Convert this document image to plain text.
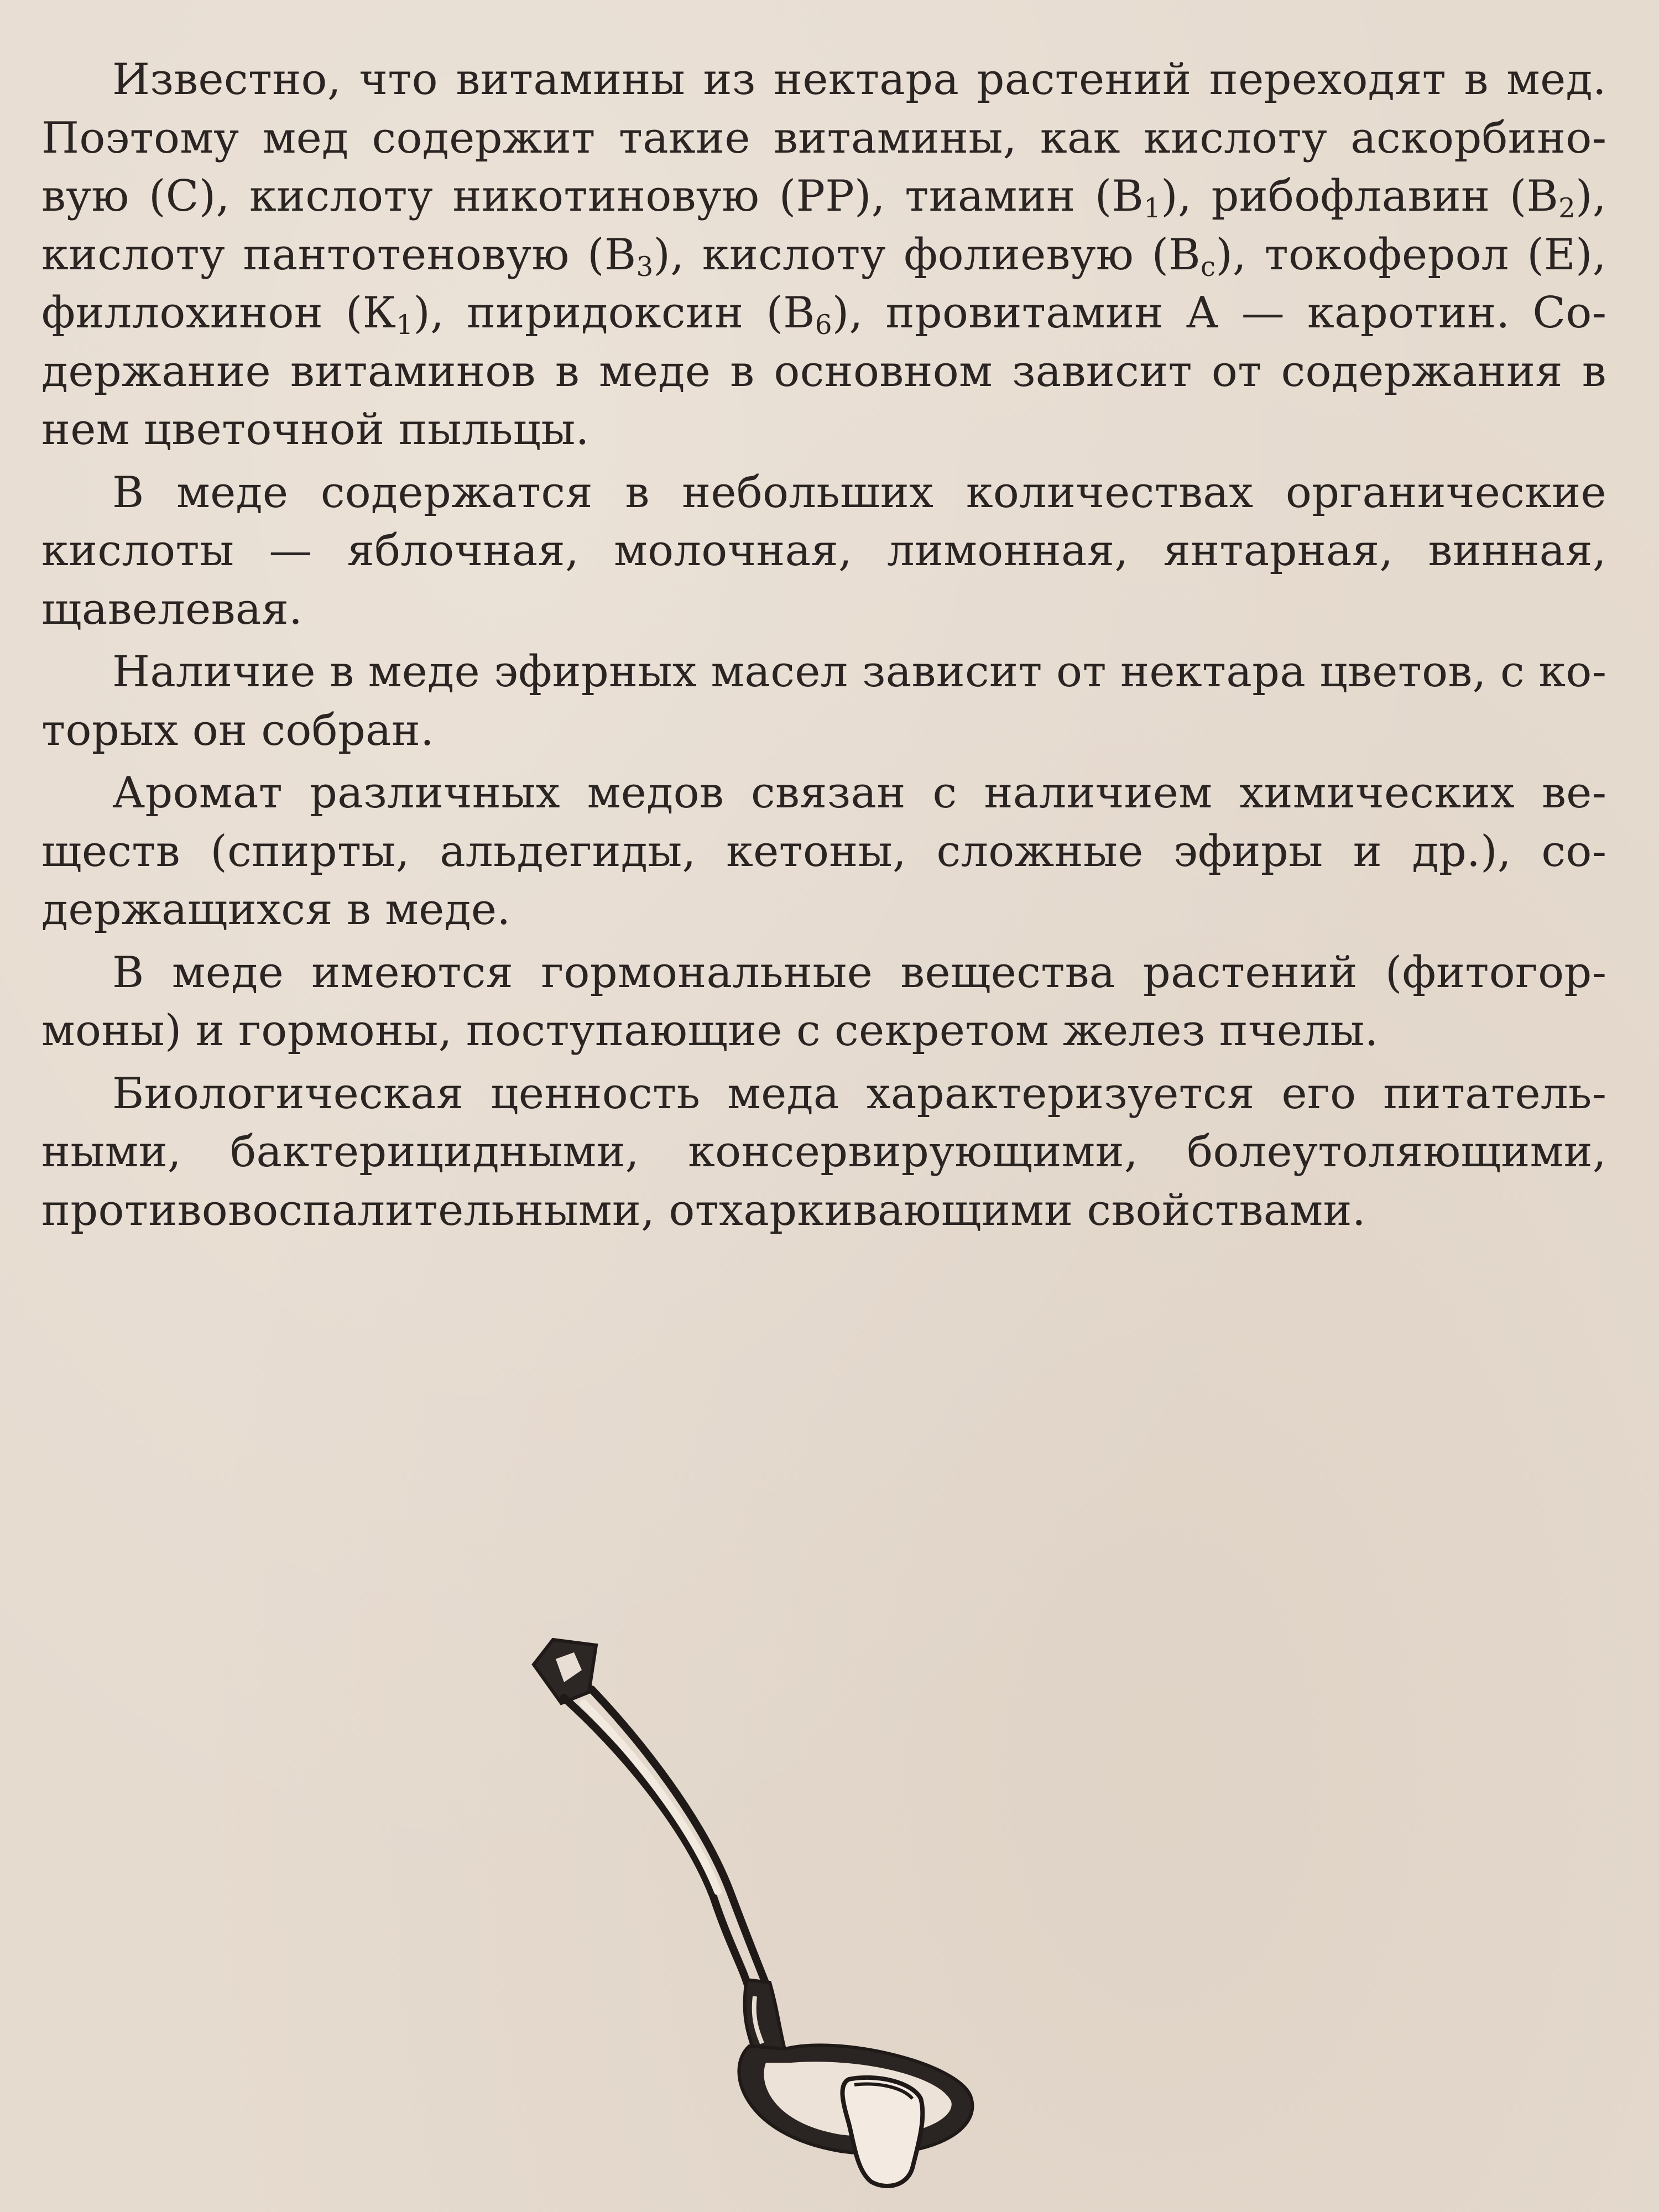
Известно, что витамины из нектара растений переходят в мед. Поэтому мед содержит такие витамины, как кислоту аскорбиновую (С), кислоту никотиновую (РР), тиамин $(В_1)$, рибофлавин $(В_2)$, кислоту пантотеновую $(В_3)$, кислоту фолиевую $(В_c)$, токоферол (Е), филлохинон $(К_1)$, пиридоксин $(В_6)$, провитамин А — каротин. Содержание витаминов в меде в основном зависит от содержания в нем цветочной пыльцы.

В меде содержатся в небольших количествах органические кислоты — яблочная, молочная, лимонная, янтарная, винная, щавелевая.

Наличие в меде эфирных масел зависит от нектара цветов, с которых он собран.

Аромат различных медов связан с наличием химических веществ (спирты, альдегиды, кетоны, сложные эфиры и др.), содержащихся в меде.

В меде имеются гормональные вещества растений (фитогормоны) и гормоны, поступающие с секретом желез пчелы.

Биологическая ценность меда характеризуется его питательными, бактерицидными, консервирующими, болеутоляющими, противовоспалительными, отхаркивающими свойствами.
